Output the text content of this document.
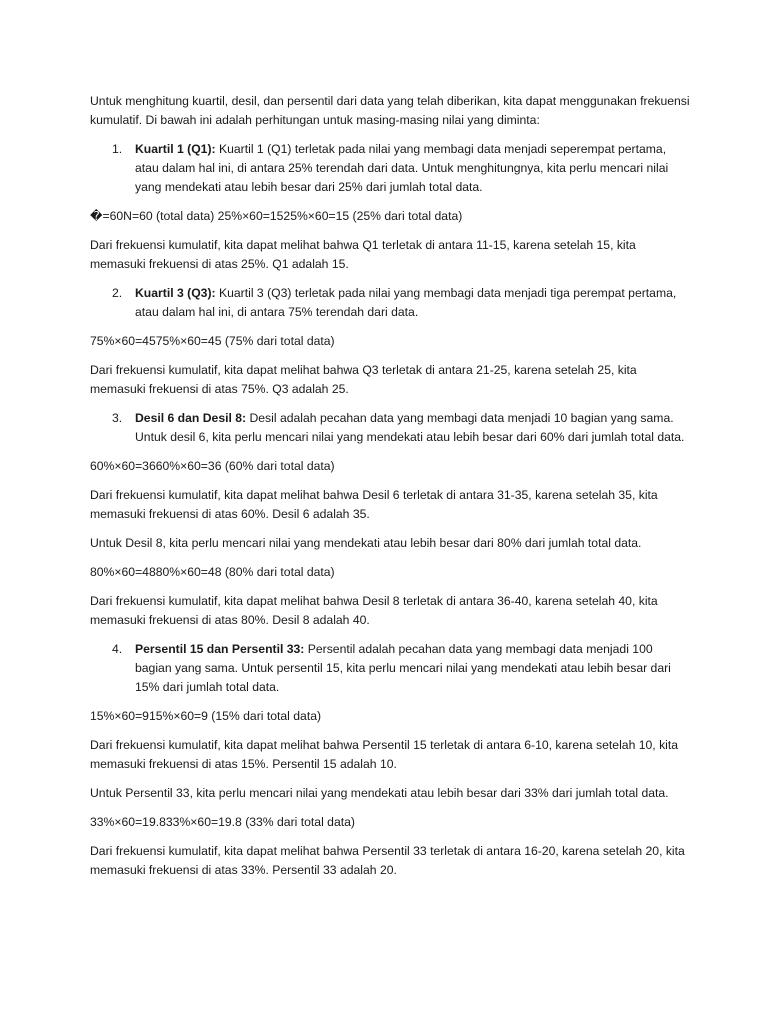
Untuk menghitung kuartil, desil, dan persentil dari data yang telah diberikan, kita dapat menggunakan frekuensi kumulatif. Di bawah ini adalah perhitungan untuk masing-masing nilai yang diminta:

1. Kuartil 1 (Q1): Kuartil 1 (Q1) terletak pada nilai yang membagi data menjadi seperempat pertama, atau dalam hal ini, di antara 25% terendah dari data. Untuk menghitungnya, kita perlu mencari nilai yang mendekati atau lebih besar dari 25% dari jumlah total data.

�=60N=60 (total data) 25%×60=1525%×60=15 (25% dari total data)

Dari frekuensi kumulatif, kita dapat melihat bahwa Q1 terletak di antara 11-15, karena setelah 15, kita memasuki frekuensi di atas 25%. Q1 adalah 15.

2. Kuartil 3 (Q3): Kuartil 3 (Q3) terletak pada nilai yang membagi data menjadi tiga perempat pertama, atau dalam hal ini, di antara 75% terendah dari data.

75%×60=4575%×60=45 (75% dari total data)

Dari frekuensi kumulatif, kita dapat melihat bahwa Q3 terletak di antara 21-25, karena setelah 25, kita memasuki frekuensi di atas 75%. Q3 adalah 25.

3. Desil 6 dan Desil 8: Desil adalah pecahan data yang membagi data menjadi 10 bagian yang sama. Untuk desil 6, kita perlu mencari nilai yang mendekati atau lebih besar dari 60% dari jumlah total data.

60%×60=3660%×60=36 (60% dari total data)

Dari frekuensi kumulatif, kita dapat melihat bahwa Desil 6 terletak di antara 31-35, karena setelah 35, kita memasuki frekuensi di atas 60%. Desil 6 adalah 35.

Untuk Desil 8, kita perlu mencari nilai yang mendekati atau lebih besar dari 80% dari jumlah total data.

80%×60=4880%×60=48 (80% dari total data)

Dari frekuensi kumulatif, kita dapat melihat bahwa Desil 8 terletak di antara 36-40, karena setelah 40, kita memasuki frekuensi di atas 80%. Desil 8 adalah 40.

4. Persentil 15 dan Persentil 33: Persentil adalah pecahan data yang membagi data menjadi 100 bagian yang sama. Untuk persentil 15, kita perlu mencari nilai yang mendekati atau lebih besar dari 15% dari jumlah total data.

15%×60=915%×60=9 (15% dari total data)

Dari frekuensi kumulatif, kita dapat melihat bahwa Persentil 15 terletak di antara 6-10, karena setelah 10, kita memasuki frekuensi di atas 15%. Persentil 15 adalah 10.

Untuk Persentil 33, kita perlu mencari nilai yang mendekati atau lebih besar dari 33% dari jumlah total data.

33%×60=19.833%×60=19.8 (33% dari total data)

Dari frekuensi kumulatif, kita dapat melihat bahwa Persentil 33 terletak di antara 16-20, karena setelah 20, kita memasuki frekuensi di atas 33%. Persentil 33 adalah 20.
